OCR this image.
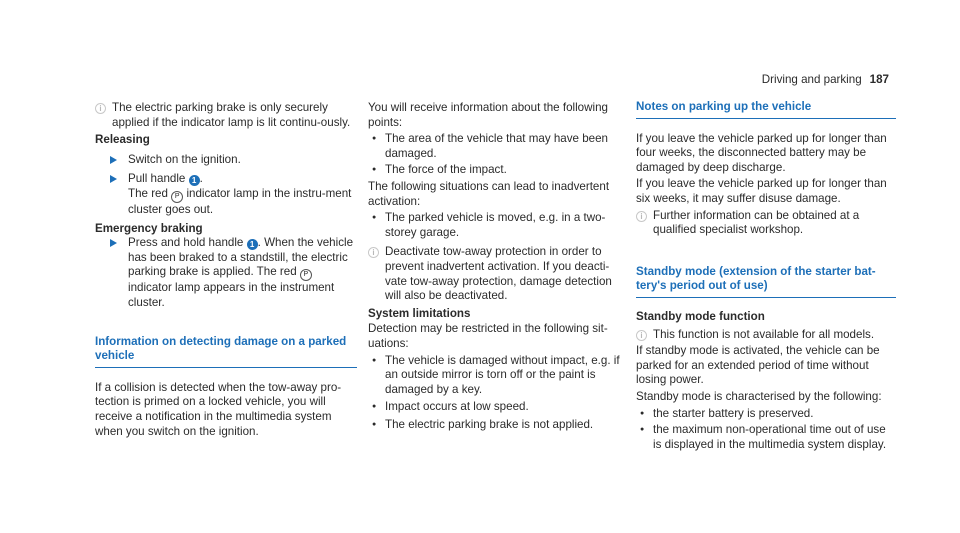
Driving and parking 187
i The electric parking brake is only securely applied if the indicator lamp is lit continu-ously.

Releasing

Switch on the ignition.

Pull handle 1 .
The red P indicator lamp in the instru-ment cluster goes out.

Emergency braking

Press and hold handle 1 . When the vehicle has been braked to a standstill, the electric parking brake is applied. The red P indicator lamp appears in the instrument cluster.

Information on detecting damage on a parked vehicle

If a collision is detected when the tow-away pro-tection is primed on a locked vehicle, you will receive a notification in the multimedia system when you switch on the ignition.

You will receive information about the following points:

● The area of the vehicle that may have been damaged.
● The force of the impact.

The following situations can lead to inadvertent activation:

● The parked vehicle is moved, e.g. in a two-storey garage.
i Deactivate tow-away protection in order to prevent inadvertent activation. If you deacti-vate tow-away protection, damage detection will also be deactivated.

System limitations

Detection may be restricted in the following sit-uations:

● The vehicle is damaged without impact, e.g. if an outside mirror is torn off or the paint is damaged by a key.
● Impact occurs at low speed.
● The electric parking brake is not applied.

Notes on parking up the vehicle

If you leave the vehicle parked up for longer than four weeks, the disconnected battery may be damaged by deep discharge.

If you leave the vehicle parked up for longer than six weeks, it may suffer disuse damage.

i Further information can be obtained at a qualified specialist workshop.

Standby mode (extension of the starter bat-tery's period out of use)

Standby mode function

i This function is not available for all models.

If standby mode is activated, the vehicle can be parked for an extended period of time without losing power.

Standby mode is characterised by the following:

● the starter battery is preserved.
● the maximum non-operational time out of use is displayed in the multimedia system display.
